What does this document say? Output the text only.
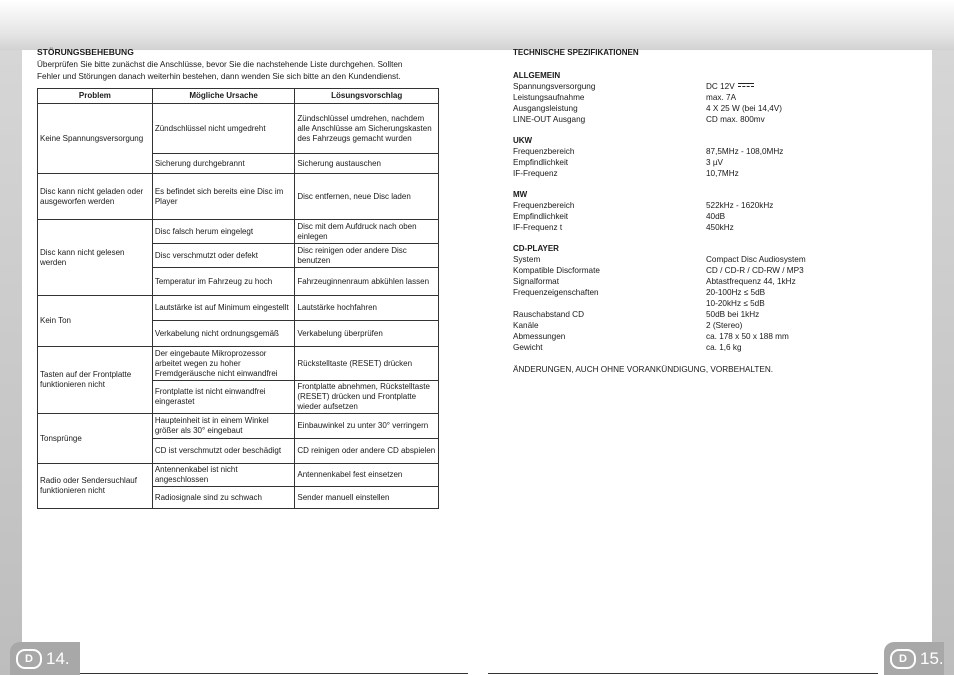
STÖRUNGSBEHEBUNG

Überprüfen Sie bitte zunächst die Anschlüsse, bevor Sie die nachstehende Liste durchgehen. Sollten

Fehler und Störungen danach weiterhin bestehen, dann wenden Sie sich bitte an den Kundendienst.

Problem	Mögliche Ursache	Lösungsvorschlag
Keine Spannungsversorgung	Zündschlüssel nicht umgedreht	Zündschlüssel umdrehen, nachdem alle Anschlüsse am Sicherungskasten des Fahrzeugs gemacht wurden
	Sicherung durchgebrannt	Sicherung austauschen
Disc kann nicht geladen oder ausgeworfen werden	Es befindet sich bereits eine Disc im Player	Disc entfernen, neue Disc laden
Disc kann nicht gelesen werden	Disc falsch herum eingelegt	Disc mit dem Aufdruck nach oben einlegen
	Disc verschmutzt oder defekt	Disc reinigen oder andere Disc benutzen
	Temperatur im Fahrzeug zu hoch	Fahrzeuginnenraum abkühlen lassen
Kein Ton	Lautstärke ist auf Minimum eingestellt	Lautstärke hochfahren
	Verkabelung nicht ordnungsgemäß	Verkabelung überprüfen
Tasten auf der Frontplatte funktionieren nicht	Der eingebaute Mikroprozessor arbeitet wegen zu hoher Fremdgeräusche nicht einwandfrei	Rückstelltaste (RESET) drücken
	Frontplatte ist nicht einwandfrei eingerastet	Frontplatte abnehmen, Rückstelltaste (RESET) drücken und Frontplatte wieder aufsetzen
Tonsprünge	Haupteinheit ist in einem Winkel größer als 30° eingebaut	Einbauwinkel zu unter 30° verringern
	CD ist verschmutzt oder beschädigt	CD reinigen oder andere CD abspielen
Radio oder Sendersuchlauf funktionieren nicht	Antennenkabel ist nicht angeschlossen	Antennenkabel fest einsetzen
	Radiosignale sind zu schwach	Sender manuell einstellen
D 14.
TECHNISCHE SPEZIFIKATIONEN
ALLGEMEIN
Spannungsversorgung	DC 12V
Leistungsaufnahme	max. 7A
Ausgangsleistung	4 X 25 W (bei 14,4V)
LINE-OUT Ausgang	CD max. 800mv
UKW
Frequenzbereich	87,5MHz - 108,0MHz
Empfindlichkeit	3 µV
IF-Frequenz	10,7MHz
MW
Frequenzbereich	522kHz - 1620kHz
Empfindlichkeit	40dB
IF-Frequenz t	450kHz
CD-PLAYER
System	Compact Disc Audiosystem
Kompatible Discformate	CD / CD-R / CD-RW / MP3
Signalformat	Abtastfrequenz 44, 1kHz
Frequenzeigenschaften	20-100Hz ≤ 5dB
10-20kHz ≤ 5dB
Rauschabstand CD	50dB bei 1kHz
Kanäle	2 (Stereo)
Abmessungen	ca. 178 x 50 x 188 mm
Gewicht	ca. 1,6 kg
ÄNDERUNGEN, AUCH OHNE VORANKÜNDIGUNG, VORBEHALTEN.
D 15.
